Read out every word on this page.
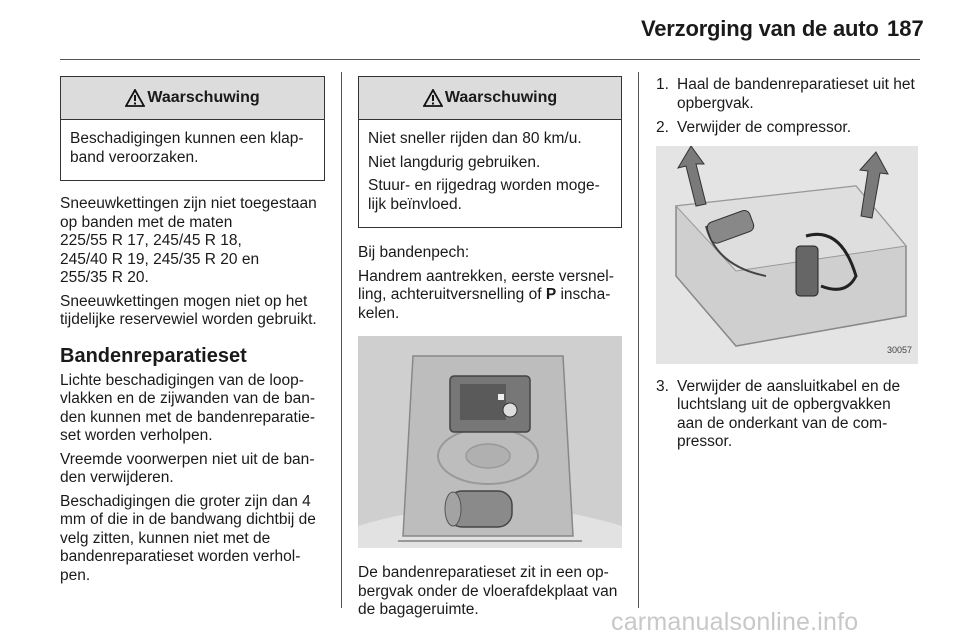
Verzorging van de auto 187
Waarschuwing

Beschadigingen kunnen een klapband veroorzaken.

Sneeuwkettingen zijn niet toegestaan
op banden met de maten
225/55 R 17, 245/45 R 18,
245/40 R 19, 245/35 R 20 en
255/35 R 20.

Sneeuwkettingen mogen niet op het tijdelijke reservewiel worden gebruikt.

Bandenreparatieset

Lichte beschadigingen van de loopvlakken en de zijwanden van de banden kunnen met de bandenreparatieset worden verholpen.

Vreemde voorwerpen niet uit de banden verwijderen.

Beschadigingen die groter zijn dan 4 mm of die in de bandwang dichtbij de velg zitten, kunnen niet met de bandenreparatieset worden verholpen.

Waarschuwing

Niet sneller rijden dan 80 km/u.

Niet langdurig gebruiken.

Stuur- en rijgedrag worden mogelijk beïnvloed.

Bij bandenpech:

Handrem aantrekken, eerste versnelling, achteruitversnelling of P inschakelen.

De bandenreparatieset zit in een opbergvak onder de vloerafdekplaat van de bagageruimte.

1. Haal de bandenreparatieset uit het opbergvak.
2. Verwijder de compressor.
30057
3. Verwijder de aansluitkabel en de luchtslang uit de opbergvakken aan de onderkant van de compressor.
carmanualsonline.info
